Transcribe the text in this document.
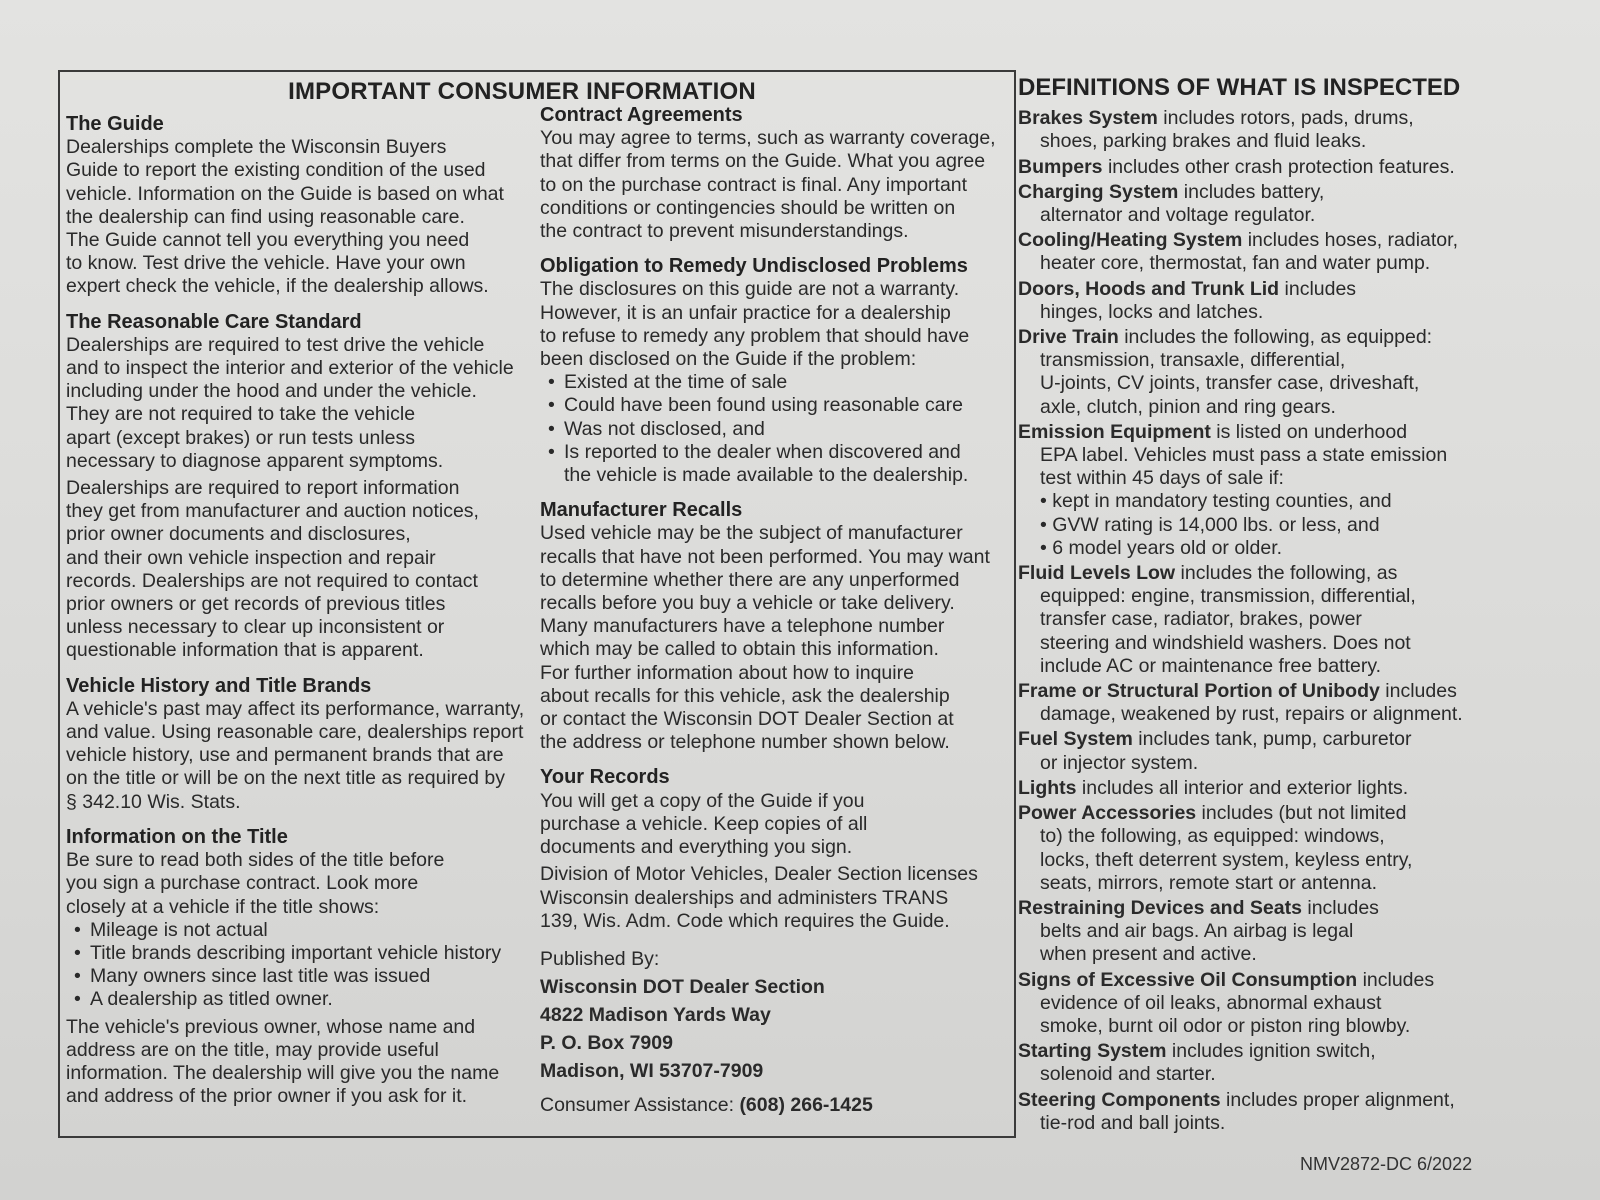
IMPORTANT CONSUMER INFORMATION

The Guide

Dealerships complete the Wisconsin Buyers
Guide to report the existing condition of the used
vehicle. Information on the Guide is based on what
the dealership can find using reasonable care.
The Guide cannot tell you everything you need
to know. Test drive the vehicle. Have your own
expert check the vehicle, if the dealership allows.

The Reasonable Care Standard

Dealerships are required to test drive the vehicle
and to inspect the interior and exterior of the vehicle
including under the hood and under the vehicle.
They are not required to take the vehicle
apart (except brakes) or run tests unless
necessary to diagnose apparent symptoms.

Dealerships are required to report information
they get from manufacturer and auction notices,
prior owner documents and disclosures,
and their own vehicle inspection and repair
records. Dealerships are not required to contact
prior owners or get records of previous titles
unless necessary to clear up inconsistent or
questionable information that is apparent.

Vehicle History and Title Brands

A vehicle's past may affect its performance, warranty,
and value. Using reasonable care, dealerships report
vehicle history, use and permanent brands that are
on the title or will be on the next title as required by
§ 342.10 Wis. Stats.

Information on the Title

Be sure to read both sides of the title before
you sign a purchase contract. Look more
closely at a vehicle if the title shows:

• Mileage is not actual
• Title brands describing important vehicle history
• Many owners since last title was issued
• A dealership as titled owner.

The vehicle's previous owner, whose name and
address are on the title, may provide useful
information. The dealership will give you the name
and address of the prior owner if you ask for it.

Contract Agreements

You may agree to terms, such as warranty coverage,
that differ from terms on the Guide. What you agree
to on the purchase contract is final. Any important
conditions or contingencies should be written on
the contract to prevent misunderstandings.

Obligation to Remedy Undisclosed Problems

The disclosures on this guide are not a warranty.
However, it is an unfair practice for a dealership
to refuse to remedy any problem that should have
been disclosed on the Guide if the problem:

• Existed at the time of sale
• Could have been found using reasonable care
• Was not disclosed, and
• Is reported to the dealer when discovered and
the vehicle is made available to the dealership.

Manufacturer Recalls

Used vehicle may be the subject of manufacturer
recalls that have not been performed. You may want
to determine whether there are any unperformed
recalls before you buy a vehicle or take delivery.
Many manufacturers have a telephone number
which may be called to obtain this information.
For further information about how to inquire
about recalls for this vehicle, ask the dealership
or contact the Wisconsin DOT Dealer Section at
the address or telephone number shown below.

Your Records

You will get a copy of the Guide if you
purchase a vehicle. Keep copies of all
documents and everything you sign.

Division of Motor Vehicles, Dealer Section licenses
Wisconsin dealerships and administers TRANS
139, Wis. Adm. Code which requires the Guide.

Published By:

Wisconsin DOT Dealer Section

4822 Madison Yards Way

P. O. Box 7909

Madison, WI 53707-7909

Consumer Assistance: (608) 266-1425

DEFINITIONS OF WHAT IS INSPECTED
Brakes System includes rotors, pads, drums,
shoes, parking brakes and fluid leaks.
Bumpers includes other crash protection features.
Charging System includes battery,
alternator and voltage regulator.
Cooling/Heating System includes hoses, radiator,
heater core, thermostat, fan and water pump.
Doors, Hoods and Trunk Lid includes
hinges, locks and latches.
Drive Train includes the following, as equipped:
transmission, transaxle, differential,
U-joints, CV joints, transfer case, driveshaft,
axle, clutch, pinion and ring gears.
Emission Equipment is listed on underhood
EPA label. Vehicles must pass a state emission
test within 45 days of sale if:
• kept in mandatory testing counties, and
• GVW rating is 14,000 lbs. or less, and
• 6 model years old or older.
Fluid Levels Low includes the following, as
equipped: engine, transmission, differential,
transfer case, radiator, brakes, power
steering and windshield washers. Does not
include AC or maintenance free battery.
Frame or Structural Portion of Unibody includes
damage, weakened by rust, repairs or alignment.
Fuel System includes tank, pump, carburetor
or injector system.
Lights includes all interior and exterior lights.
Power Accessories includes (but not limited
to) the following, as equipped: windows,
locks, theft deterrent system, keyless entry,
seats, mirrors, remote start or antenna.
Restraining Devices and Seats includes
belts and air bags. An airbag is legal
when present and active.
Signs of Excessive Oil Consumption includes
evidence of oil leaks, abnormal exhaust
smoke, burnt oil odor or piston ring blowby.
Starting System includes ignition switch,
solenoid and starter.
Steering Components includes proper alignment,
tie-rod and ball joints.
NMV2872-DC 6/2022
